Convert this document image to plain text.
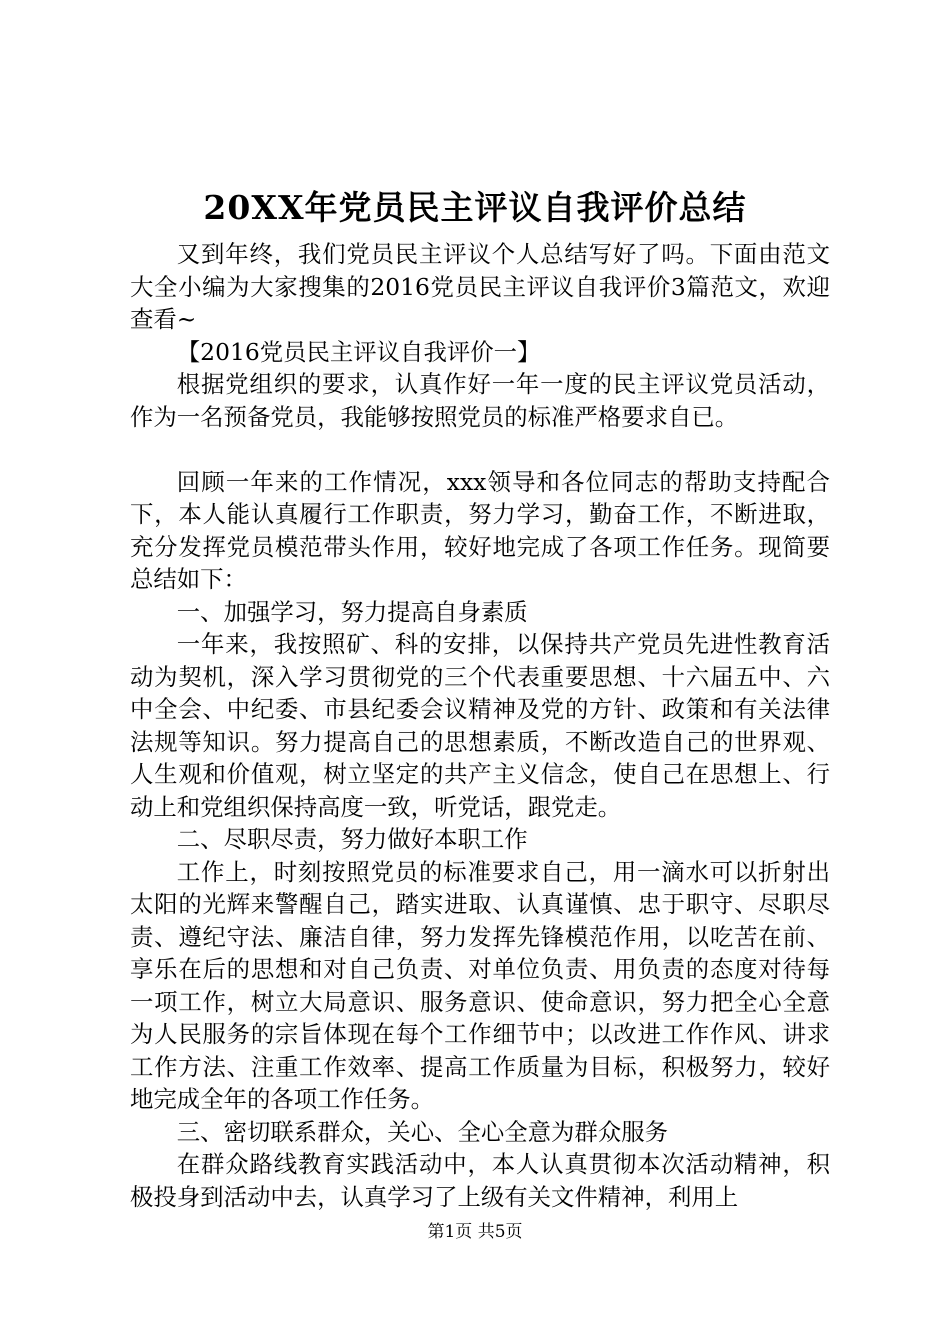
20XX年党员民主评议自我评价总结

又到年终，我们党员民主评议个人总结写好了吗。下面由范文大全小编为大家搜集的2016党员民主评议自我评价3篇范文，欢迎查看~

【2016党员民主评议自我评价一】

根据党组织的要求，认真作好一年一度的民主评议党员活动，作为一名预备党员，我能够按照党员的标准严格要求自已。

回顾一年来的工作情况，xxx领导和各位同志的帮助支持配合下，本人能认真履行工作职责，努力学习，勤奋工作，不断进取，充分发挥党员模范带头作用，较好地完成了各项工作任务。现简要总结如下：

一、加强学习，努力提高自身素质

一年来，我按照矿、科的安排，以保持共产党员先进性教育活动为契机，深入学习贯彻党的三个代表重要思想、十六届五中、六中全会、中纪委、市县纪委会议精神及党的方针、政策和有关法律法规等知识。努力提高自己的思想素质，不断改造自己的世界观、人生观和价值观，树立坚定的共产主义信念，使自己在思想上、行动上和党组织保持高度一致，听党话，跟党走。

二、尽职尽责，努力做好本职工作

工作上，时刻按照党员的标准要求自己，用一滴水可以折射出太阳的光辉来警醒自己，踏实进取、认真谨慎、忠于职守、尽职尽责、遵纪守法、廉洁自律，努力发挥先锋模范作用，以吃苦在前、享乐在后的思想和对自己负责、对单位负责、用负责的态度对待每一项工作，树立大局意识、服务意识、使命意识，努力把全心全意为人民服务的宗旨体现在每个工作细节中；以改进工作作风、讲求工作方法、注重工作效率、提高工作质量为目标，积极努力，较好地完成全年的各项工作任务。

三、密切联系群众，关心、全心全意为群众服务

在群众路线教育实践活动中，本人认真贯彻本次活动精神，积极投身到活动中去，认真学习了上级有关文件精神，利用上

第1页 共5页
